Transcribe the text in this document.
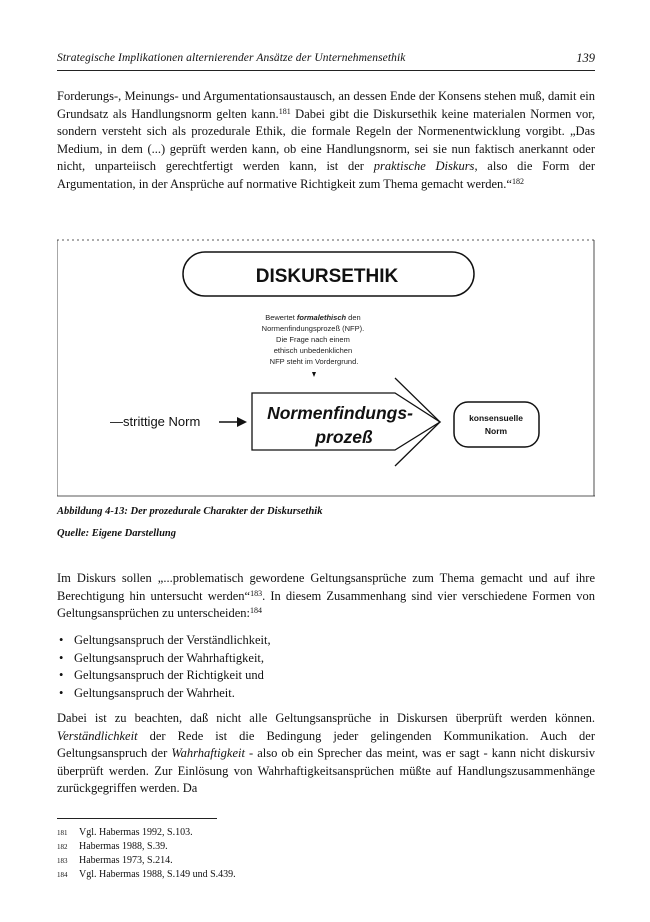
Strategische Implikationen alternierender Ansätze der Unternehmensethik	139

Forderungs-, Meinungs- und Argumentationsaustausch, an dessen Ende der Konsens stehen muß, damit ein Grundsatz als Handlungsnorm gelten kann.$^{181}$ Dabei gibt die Diskursethik keine materialen Normen vor, sondern versteht sich als prozedurale Ethik, die formale Regeln der Normenentwicklung vorgibt. „Das Medium, in dem (...) geprüft werden kann, ob eine Handlungsnorm, sei sie nun faktisch anerkannt oder nicht, unparteiisch gerechtfertigt werden kann, ist der praktische Diskurs, also die Form der Argumentation, in der Ansprüche auf normative Richtigkeit zum Thema gemacht werden.“$^{182}$

DISKURSETHIK
Bewertet formalethisch den Normenfindungsprozeß (NFP). Die Frage nach einem ethisch unbedenklichen NFP steht im Vordergrund.
—strittige Norm	Normenfindungs-
prozeß
konsensuelle
Norm
Abbildung 4-13: Der prozedurale Charakter der Diskursethik
Quelle: Eigene Darstellung

Im Diskurs sollen „...problematisch gewordene Geltungsansprüche zum Thema gemacht und auf ihre Berechtigung hin untersucht werden“$^{183}$. In diesem Zusammenhang sind vier verschiedene Formen von Geltungsansprüchen zu unterscheiden:$^{184}$

• Geltungsanspruch der Verständlichkeit,
• Geltungsanspruch der Wahrhaftigkeit,
• Geltungsanspruch der Richtigkeit und
• Geltungsanspruch der Wahrheit.

Dabei ist zu beachten, daß nicht alle Geltungsansprüche in Diskursen überprüft werden können. Verständlichkeit der Rede ist die Bedingung jeder gelingenden Kommunikation. Auch der Geltungsanspruch der Wahrhaftigkeit - also ob ein Sprecher das meint, was er sagt - kann nicht diskursiv überprüft werden. Zur Einlösung von Wahrhaftigkeitsansprüchen müßte auf Handlungszusammenhänge zurückgegriffen werden. Da

181 Vgl. Habermas 1992, S.103.
182 Habermas 1988, S.39.
183 Habermas 1973, S.214.
184 Vgl. Habermas 1988, S.149 und S.439.
